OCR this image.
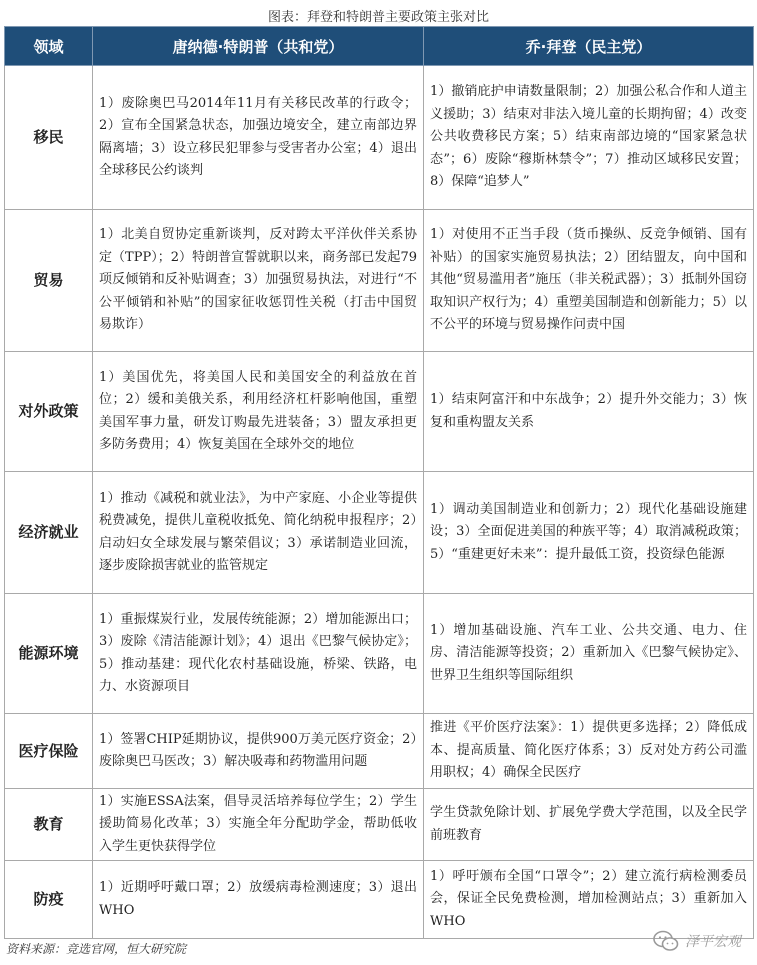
图表：拜登和特朗普主要政策主张对比
领域	唐纳德·特朗普（共和党）	乔·拜登（民主党）
移民	1）废除奥巴马2014年11月有关移民改革的行政令；2）宣布全国紧急状态，加强边境安全，建立南部边界隔离墙；3）设立移民犯罪参与受害者办公室；4）退出全球移民公约谈判	1）撤销庇护申请数量限制；2）加强公私合作和人道主义援助；3）结束对非法入境儿童的长期拘留；4）改变公共收费移民方案；5）结束南部边境的“国家紧急状态”；6）废除“穆斯林禁令”；7）推动区域移民安置；8）保障“追梦人”
贸易	1）北美自贸协定重新谈判，反对跨太平洋伙伴关系协定（TPP）；2）特朗普宣誓就职以来，商务部已发起79项反倾销和反补贴调查；3）加强贸易执法，对进行“不公平倾销和补贴”的国家征收惩罚性关税（打击中国贸易欺诈）	1）对使用不正当手段（货币操纵、反竞争倾销、国有补贴）的国家实施贸易执法；2）团结盟友，向中国和其他“贸易滥用者”施压（非关税武器）；3）抵制外国窃取知识产权行为；4）重塑美国制造和创新能力；5）以不公平的环境与贸易操作问责中国
对外政策	1）美国优先，将美国人民和美国安全的利益放在首位；2）缓和美俄关系，利用经济杠杆影响他国，重塑美国军事力量，研发订购最先进装备；3）盟友承担更多防务费用；4）恢复美国在全球外交的地位	1）结束阿富汗和中东战争；2）提升外交能力；3）恢复和重构盟友关系
经济就业	1）推动《减税和就业法》，为中产家庭、小企业等提供税费减免，提供儿童税收抵免、简化纳税申报程序；2）启动妇女全球发展与繁荣倡议；3）承诺制造业回流，逐步废除损害就业的监管规定	1）调动美国制造业和创新力；2）现代化基础设施建设；3）全面促进美国的种族平等；4）取消减税政策；5）“重建更好未来”：提升最低工资，投资绿色能源
能源环境	1）重振煤炭行业，发展传统能源；2）增加能源出口；3）废除《清洁能源计划》；4）退出《巴黎气候协定》；5）推动基建：现代化农村基础设施，桥梁、铁路，电力、水资源项目	1）增加基础设施、汽车工业、公共交通、电力、住房、清洁能源等投资；2）重新加入《巴黎气候协定》、世界卫生组织等国际组织
医疗保险	1）签署CHIP延期协议，提供900万美元医疗资金；2）废除奥巴马医改；3）解决吸毒和药物滥用问题	推进《平价医疗法案》：1）提供更多选择；2）降低成本、提高质量、简化医疗体系；3）反对处方药公司滥用职权；4）确保全民医疗
教育	1）实施ESSA法案，倡导灵活培养每位学生；2）学生援助简易化改革；3）实施全年分配助学金，帮助低收入学生更快获得学位	学生贷款免除计划、扩展免学费大学范围，以及全民学前班教育
防疫	1）近期呼吁戴口罩；2）放缓病毒检测速度；3）退出WHO	1）呼吁颁布全国“口罩令”；2）建立流行病检测委员会，保证全民免费检测，增加检测站点；3）重新加入WHO
资料来源：竞选官网，恒大研究院	泽平宏观
